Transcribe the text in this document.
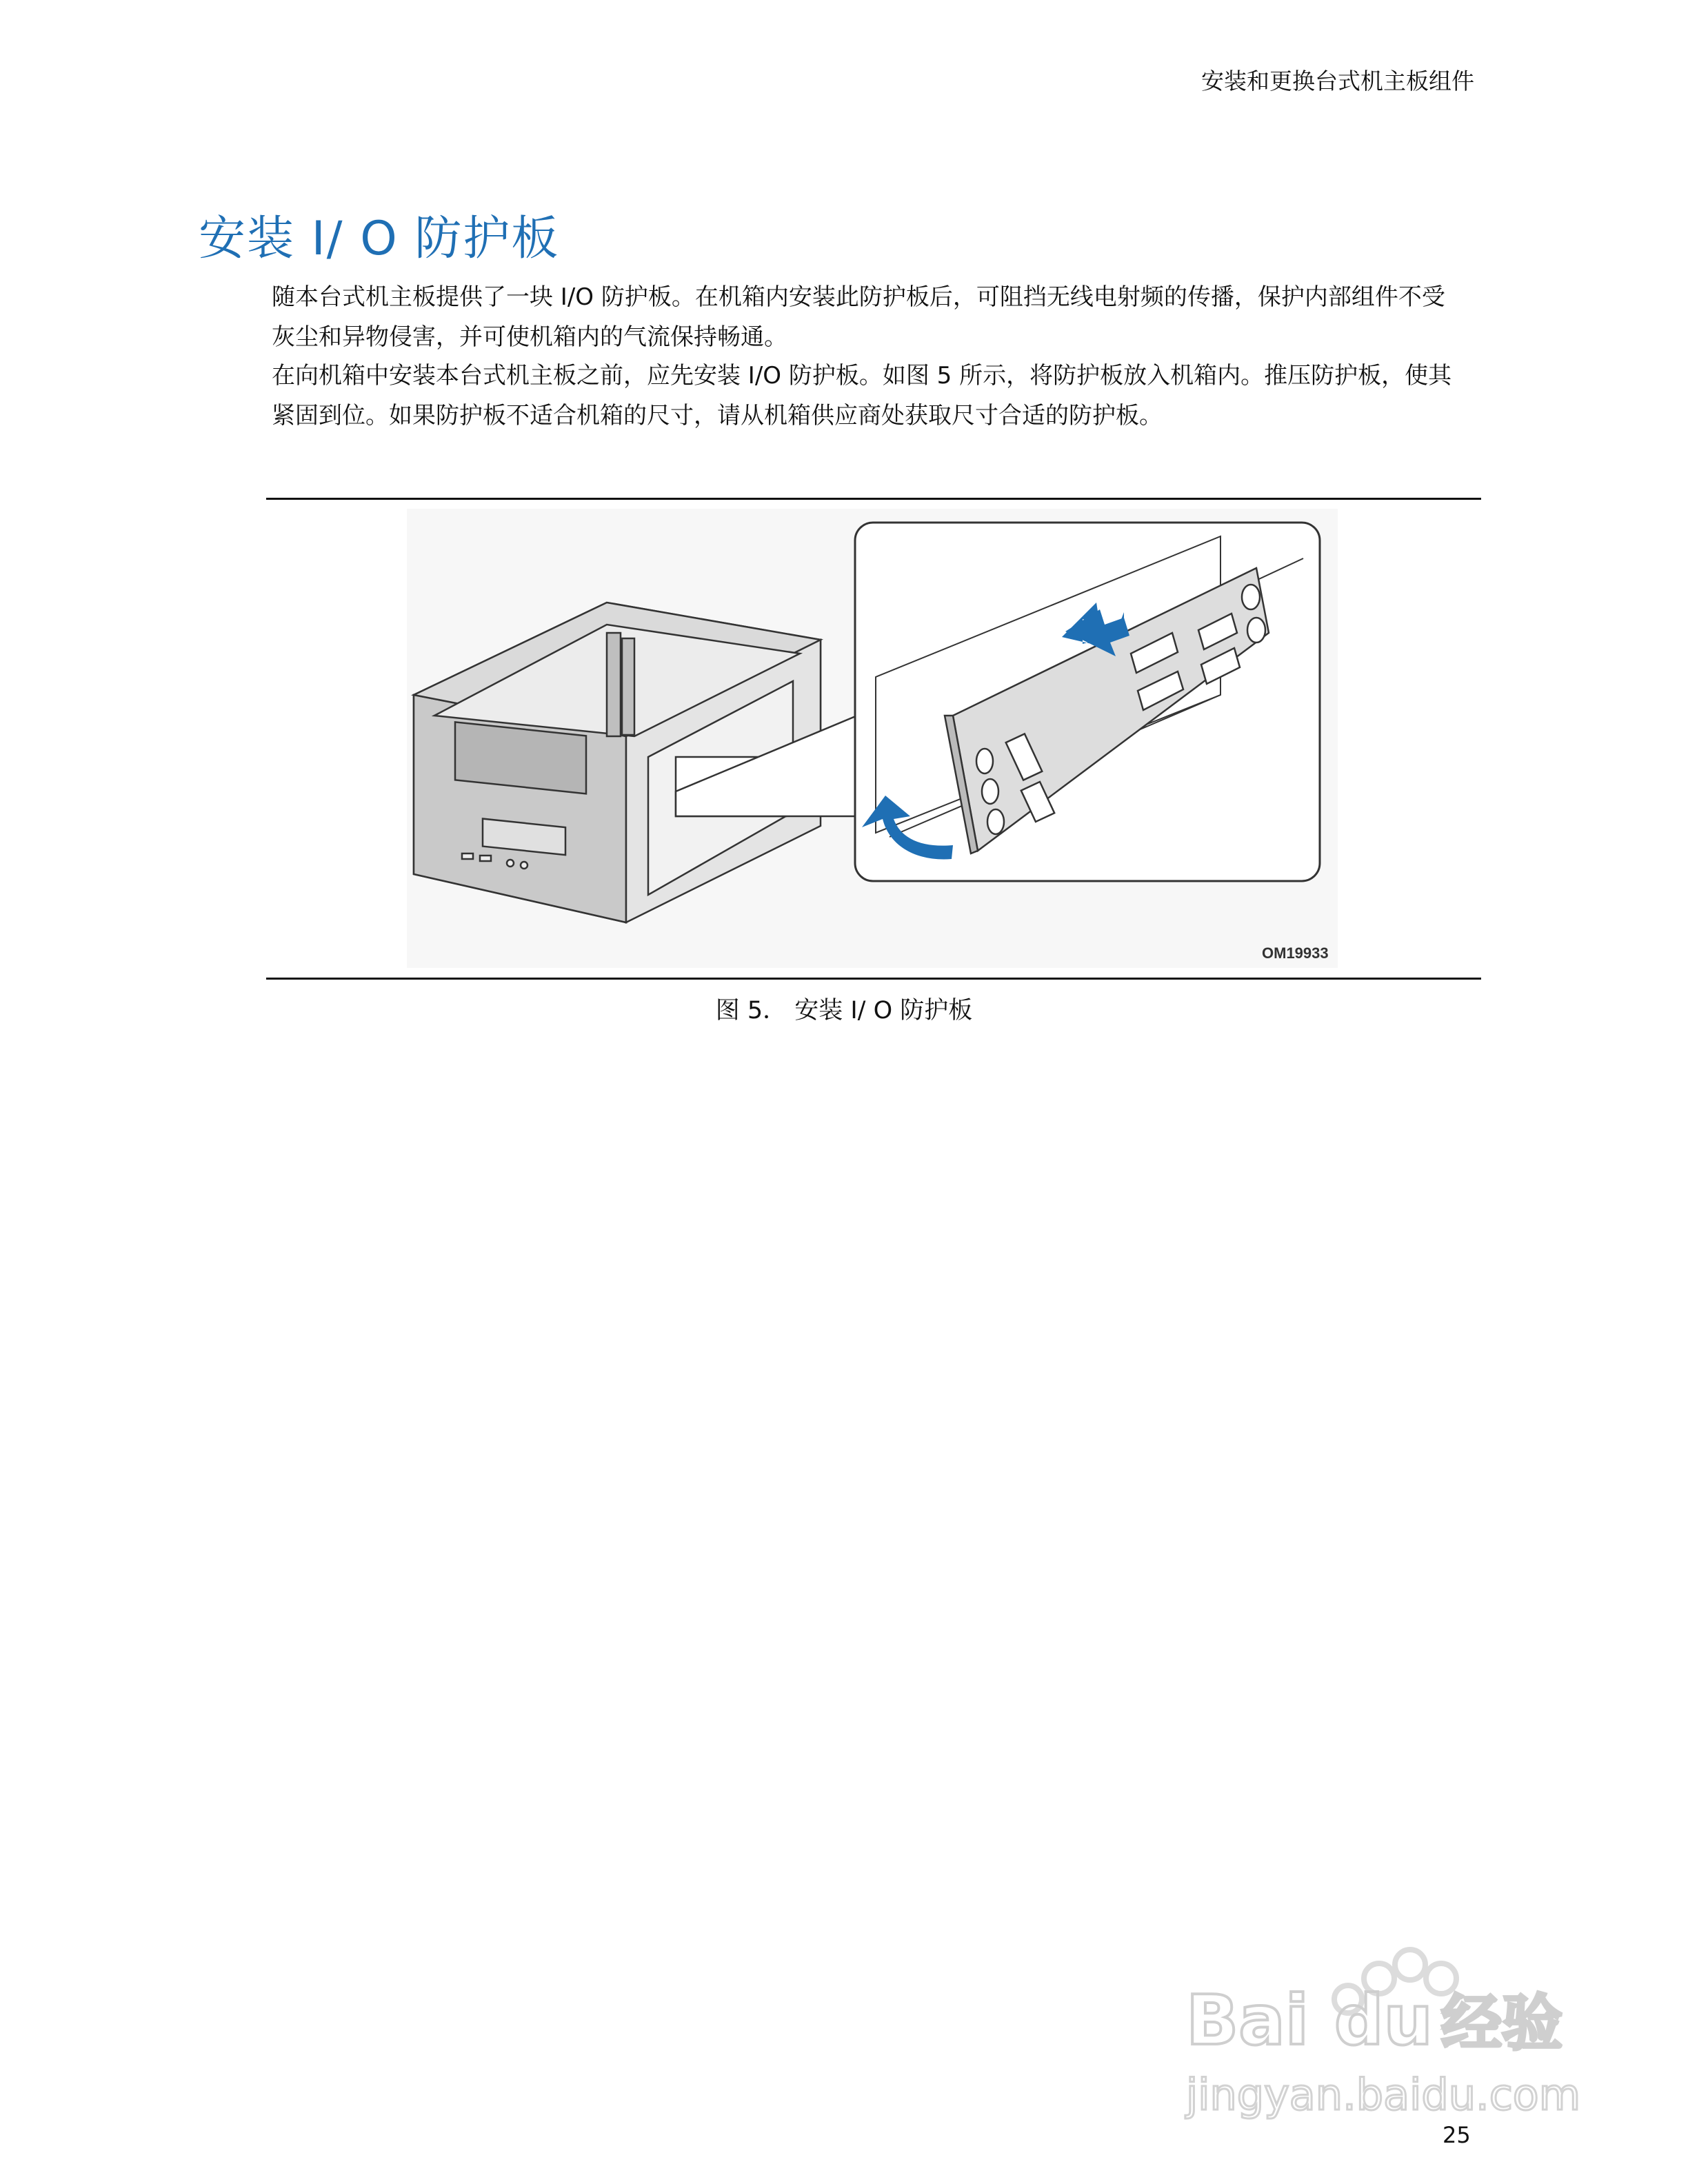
安装和更换台式机主板组件
安装 I/ O 防护板
随本台式机主板提供了一块 I/O 防护板。在机箱内安装此防护板后，可阻挡无线电射频的传播，保护内部组件不受灰尘和异物侵害，并可使机箱内的气流保持畅通。
在向机箱中安装本台式机主板之前，应先安装 I/O 防护板。如图 5 所示，将防护板放入机箱内。推压防护板，使其紧固到位。如果防护板不适合机箱的尺寸，请从机箱供应商处获取尺寸合适的防护板。
OM19933
图 5． 安装 I/ O 防护板
Bai du 经验
jingyan.baidu.com
25
